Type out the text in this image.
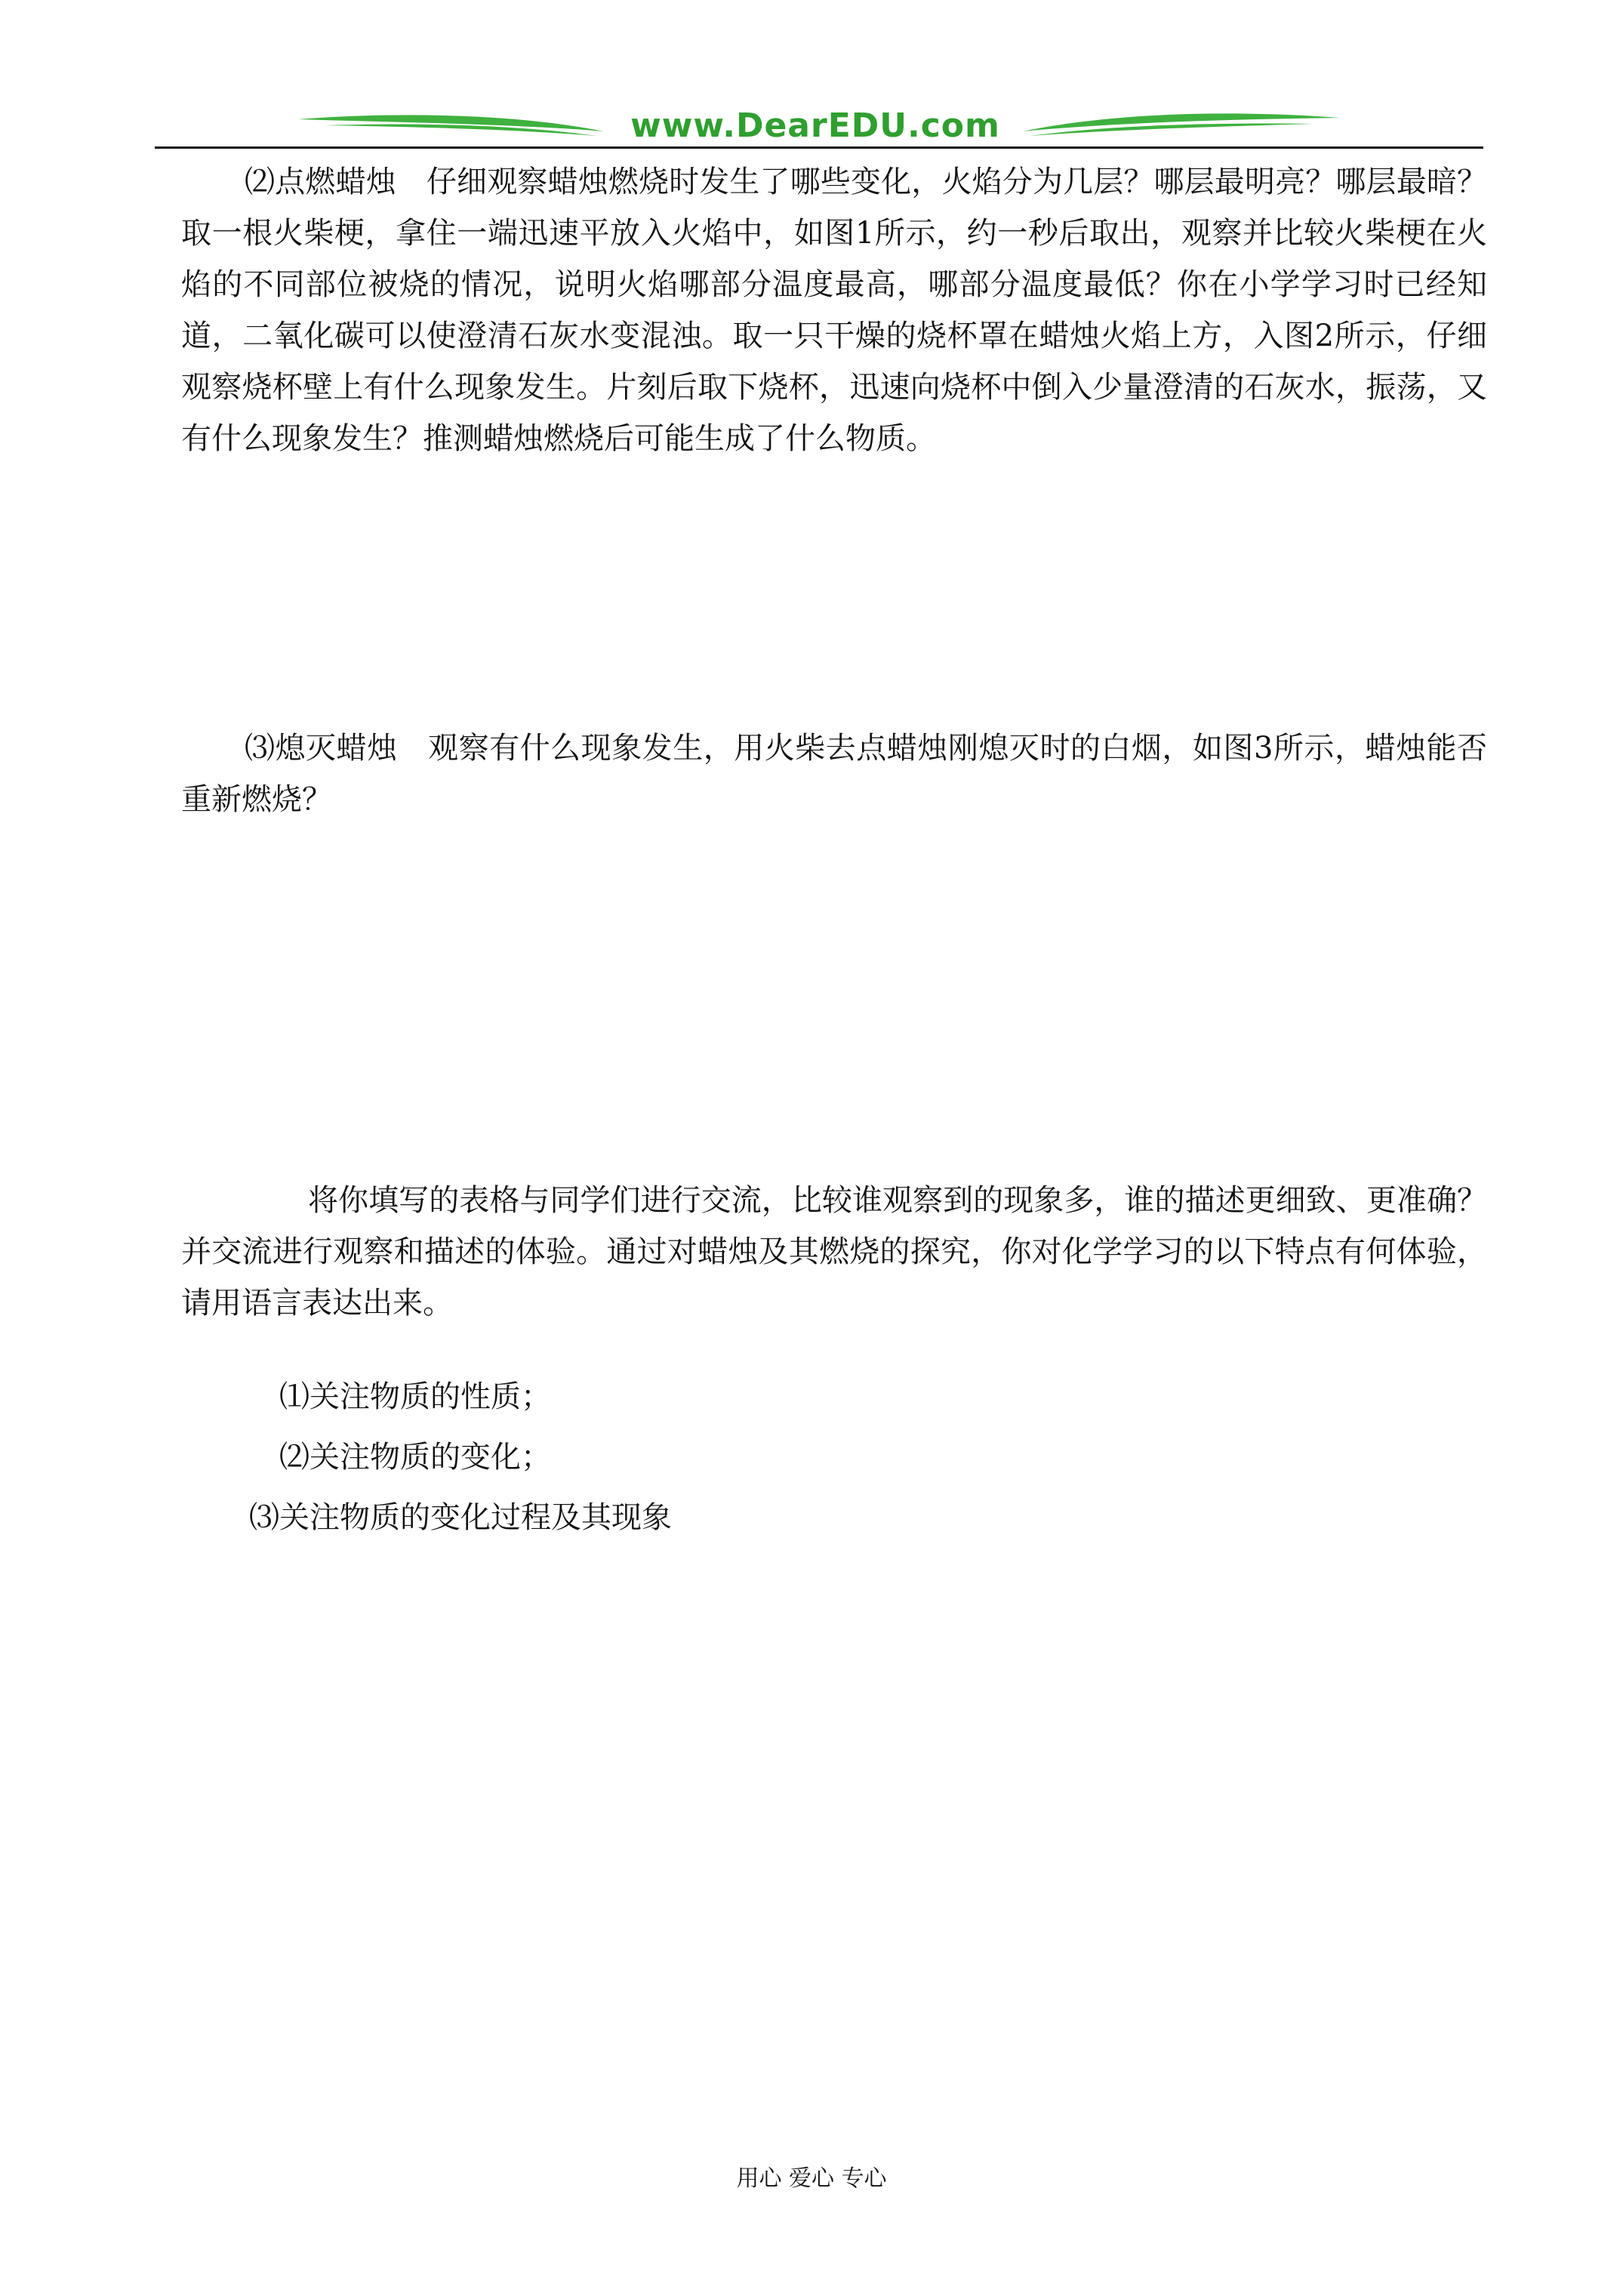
www.DearEDU.com

⑵点燃蜡烛　仔细观察蜡烛燃烧时发生了哪些变化，火焰分为几层？哪层最明亮？哪层最暗？取一根火柴梗，拿住一端迅速平放入火焰中，如图1所示，约一秒后取出，观察并比较火柴梗在火焰的不同部位被烧的情况，说明火焰哪部分温度最高，哪部分温度最低？你在小学学习时已经知道，二氧化碳可以使澄清石灰水变混浊。取一只干燥的烧杯罩在蜡烛火焰上方，入图2所示，仔细观察烧杯壁上有什么现象发生。片刻后取下烧杯，迅速向烧杯中倒入少量澄清的石灰水，振荡，又有什么现象发生？推测蜡烛燃烧后可能生成了什么物质。

⑶熄灭蜡烛　观察有什么现象发生，用火柴去点蜡烛刚熄灭时的白烟，如图3所示，蜡烛能否重新燃烧？

将你填写的表格与同学们进行交流，比较谁观察到的现象多，谁的描述更细致、更准确？并交流进行观察和描述的体验。通过对蜡烛及其燃烧的探究，你对化学学习的以下特点有何体验，请用语言表达出来。

⑴关注物质的性质；

⑵关注物质的变化；

⑶关注物质的变化过程及其现象

用心 爱心 专心
